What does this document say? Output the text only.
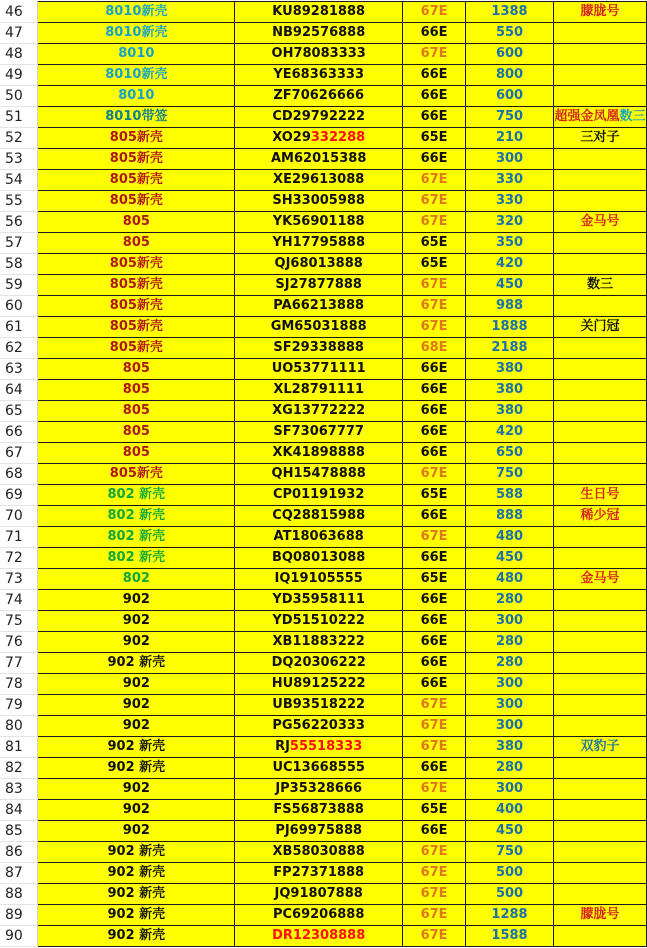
46	8010新壳	KU89281888	67E	1388	朦胧号
47	8010新壳	NB92576888	66E	550	
48	8010	OH78083333	67E	600	
49	8010新壳	YE68363333	66E	800	
50	8010	ZF70626666	66E	600	
51	8010带签	CD29792222	66E	750	超强金凤凰数三
52	805新壳	XO29332288	65E	210	三对子
53	805新壳	AM62015388	66E	300	
54	805新壳	XE29613088	67E	330	
55	805新壳	SH33005988	67E	330	
56	805	YK56901188	67E	320	金马号
57	805	YH17795888	65E	350	
58	805新壳	QJ68013888	65E	420	
59	805新壳	SJ27877888	67E	450	数三
60	805新壳	PA66213888	67E	988	
61	805新壳	GM65031888	67E	1888	关门冠
62	805新壳	SF29338888	68E	2188	
63	805	UO53771111	66E	380	
64	805	XL28791111	66E	380	
65	805	XG13772222	66E	380	
66	805	SF73067777	66E	420	
67	805	XK41898888	66E	650	
68	805新壳	QH15478888	67E	750	
69	802 新壳	CP01191932	65E	588	生日号
70	802 新壳	CQ28815988	66E	888	稀少冠
71	802 新壳	AT18063688	67E	480	
72	802 新壳	BQ08013088	66E	450	
73	802	IQ19105555	65E	480	金马号
74	902	YD35958111	66E	280	
75	902	YD51510222	66E	300	
76	902	XB11883222	66E	280	
77	902 新壳	DQ20306222	66E	280	
78	902	HU89125222	66E	300	
79	902	UB93518222	67E	300	
80	902	PG56220333	67E	300	
81	902 新壳	RJ55518333	67E	380	双豹子
82	902 新壳	UC13668555	66E	280	
83	902	JP35328666	67E	300	
84	902	FS56873888	65E	400	
85	902	PJ69975888	66E	450	
86	902 新壳	XB58030888	67E	750	
87	902 新壳	FP27371888	67E	500	
88	902 新壳	JQ91807888	67E	500	
89	902 新壳	PC69206888	67E	1288	朦胧号
90	902 新壳	DR12308888	67E	1588	
